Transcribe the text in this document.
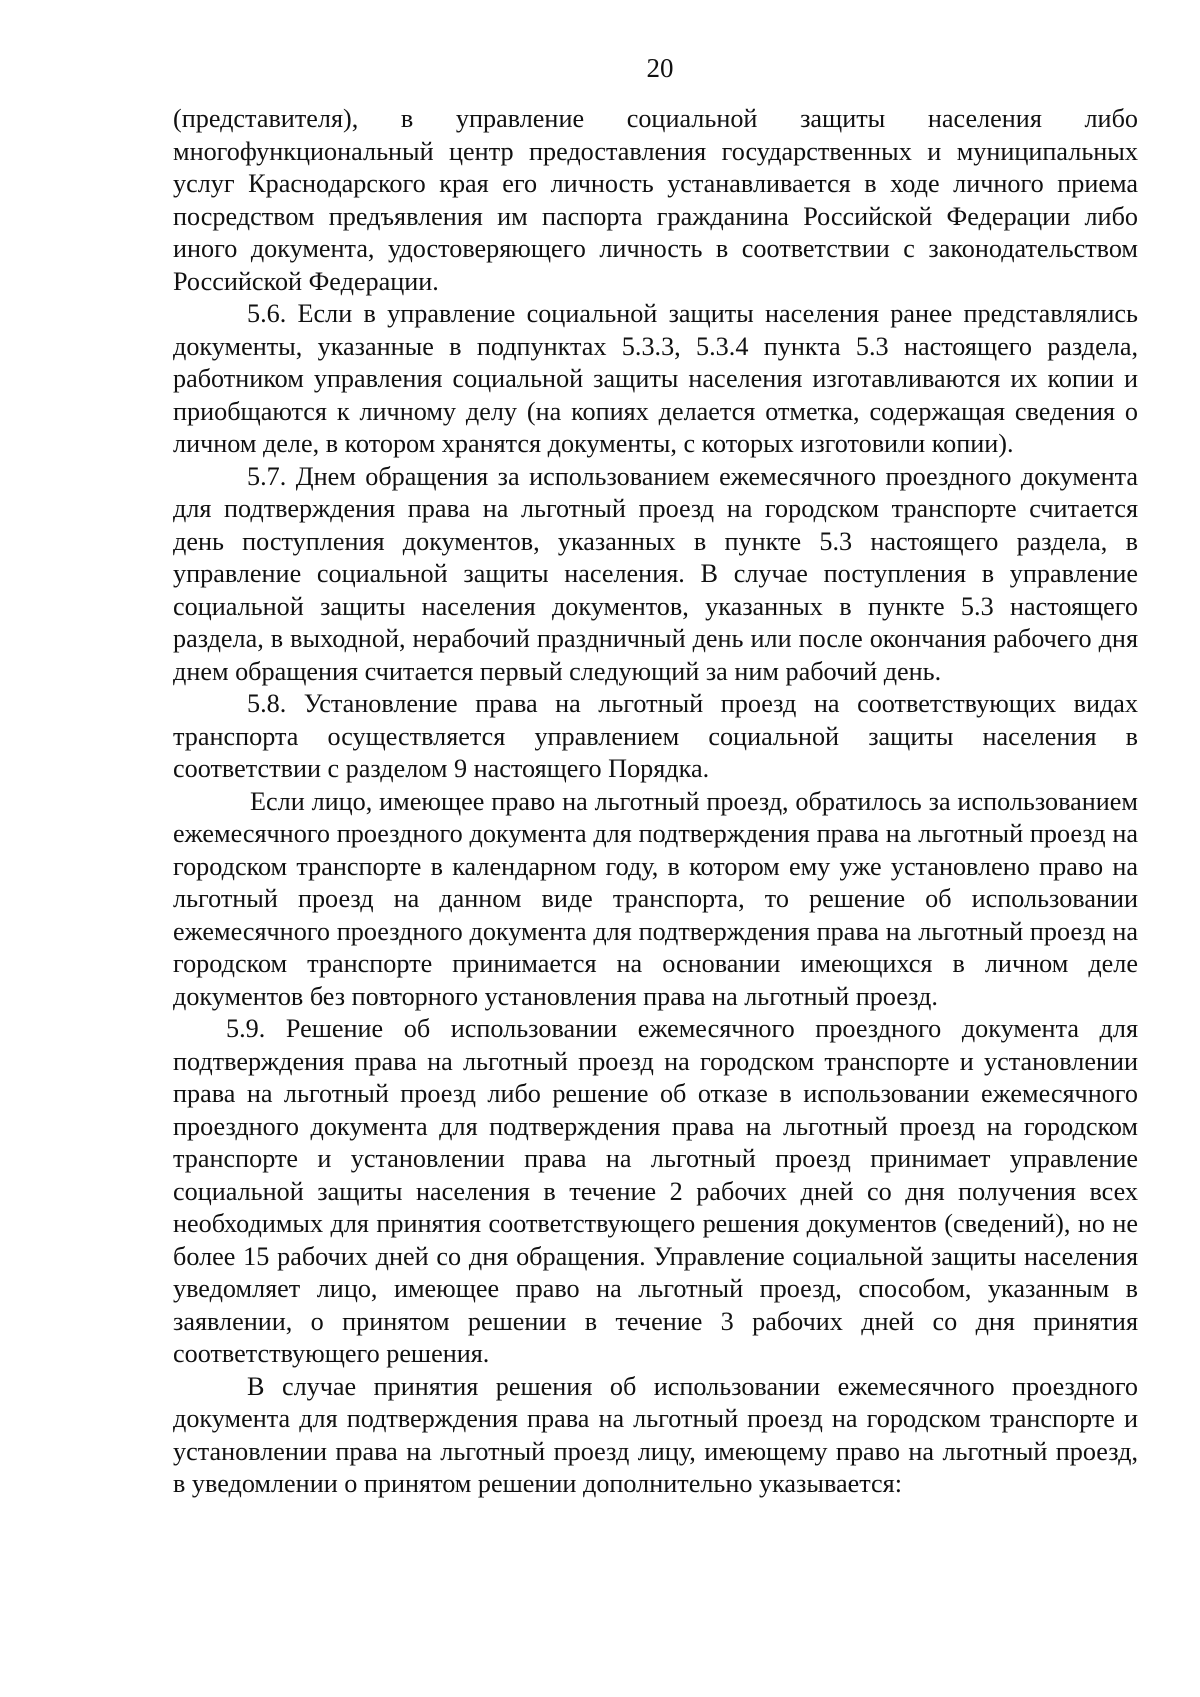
20

(представителя), в управление социальной защиты населения либо многофункциональный центр предоставления государственных и муниципальных услуг Краснодарского края его личность устанавливается в ходе личного приема посредством предъявления им паспорта гражданина Российской Федерации либо иного документа, удостоверяющего личность в соответствии с законодательством Российской Федерации.

5.6. Если в управление социальной защиты населения ранее представлялись документы, указанные в подпунктах 5.3.3, 5.3.4 пункта 5.3 настоящего раздела, работником управления социальной защиты населения изготавливаются их копии и приобщаются к личному делу (на копиях делается отметка, содержащая сведения о личном деле, в котором хранятся документы, с которых изготовили копии).

5.7. Днем обращения за использованием ежемесячного проездного документа для подтверждения права на льготный проезд на городском транспорте считается день поступления документов, указанных в пункте 5.3 настоящего раздела, в управление социальной защиты населения. В случае поступления в управление социальной защиты населения документов, указанных в пункте 5.3 настоящего раздела, в выходной, нерабочий праздничный день или после окончания рабочего дня днем обращения считается первый следующий за ним рабочий день.

5.8. Установление права на льготный проезд на соответствующих видах транспорта осуществляется управлением социальной защиты населения в соответствии с разделом 9 настоящего Порядка.

Если лицо, имеющее право на льготный проезд, обратилось за использованием ежемесячного проездного документа для подтверждения права на льготный проезд на городском транспорте в календарном году, в котором ему уже установлено право на льготный проезд на данном виде транспорта, то решение об использовании ежемесячного проездного документа для подтверждения права на льготный проезд на городском транспорте принимается на основании имеющихся в личном деле документов без повторного установления права на льготный проезд.

5.9. Решение об использовании ежемесячного проездного документа для подтверждения права на льготный проезд на городском транспорте и установлении права на льготный проезд либо решение об отказе в использовании ежемесячного проездного документа для подтверждения права на льготный проезд на городском транспорте и установлении права на льготный проезд принимает управление социальной защиты населения в течение 2 рабочих дней со дня получения всех необходимых для принятия соответствующего решения документов (сведений), но не более 15 рабочих дней со дня обращения. Управление социальной защиты населения уведомляет лицо, имеющее право на льготный проезд, способом, указанным в заявлении, о принятом решении в течение 3 рабочих дней со дня принятия соответствующего решения.

В случае принятия решения об использовании ежемесячного проездного документа для подтверждения права на льготный проезд на городском транспорте и установлении права на льготный проезд лицу, имеющему право на льготный проезд, в уведомлении о принятом решении дополнительно указывается:
